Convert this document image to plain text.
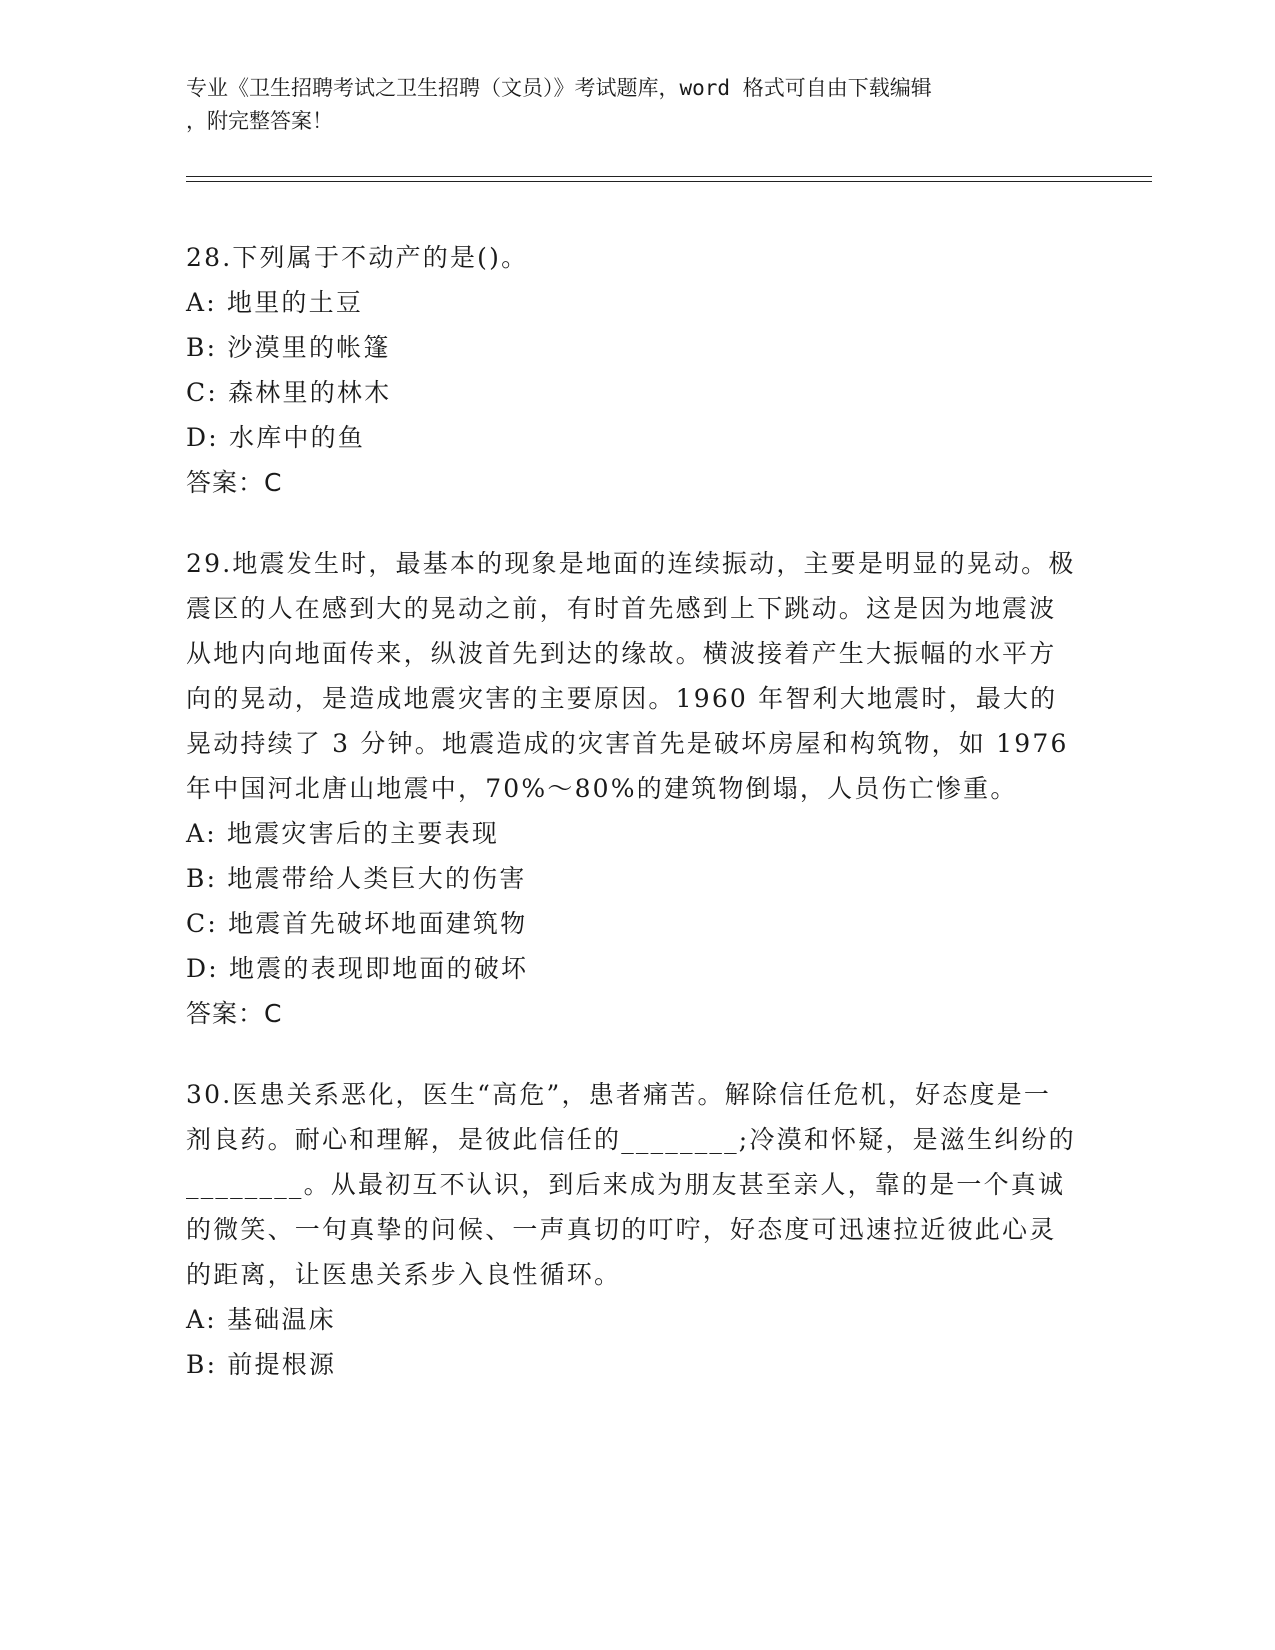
专业《卫生招聘考试之卫生招聘（文员）》考试题库，word 格式可自由下载编辑
，附完整答案！

28.下列属于不动产的是()。

A: 地里的土豆

B: 沙漠里的帐篷

C: 森林里的林木

D: 水库中的鱼

答案：C

29.地震发生时，最基本的现象是地面的连续振动，主要是明显的晃动。极震区的人在感到大的晃动之前，有时首先感到上下跳动。这是因为地震波从地内向地面传来，纵波首先到达的缘故。横波接着产生大振幅的水平方向的晃动，是造成地震灾害的主要原因。1960 年智利大地震时，最大的晃动持续了 3 分钟。地震造成的灾害首先是破坏房屋和构筑物，如 1976 年中国河北唐山地震中，70%～80%的建筑物倒塌，人员伤亡惨重。

A: 地震灾害后的主要表现

B: 地震带给人类巨大的伤害

C: 地震首先破坏地面建筑物

D: 地震的表现即地面的破坏

答案：C

30.医患关系恶化，医生“高危”，患者痛苦。解除信任危机，好态度是一剂良药。耐心和理解，是彼此信任的________;冷漠和怀疑，是滋生纠纷的________。从最初互不认识，到后来成为朋友甚至亲人，靠的是一个真诚的微笑、一句真挚的问候、一声真切的叮咛，好态度可迅速拉近彼此心灵的距离，让医患关系步入良性循环。

A: 基础温床

B: 前提根源
